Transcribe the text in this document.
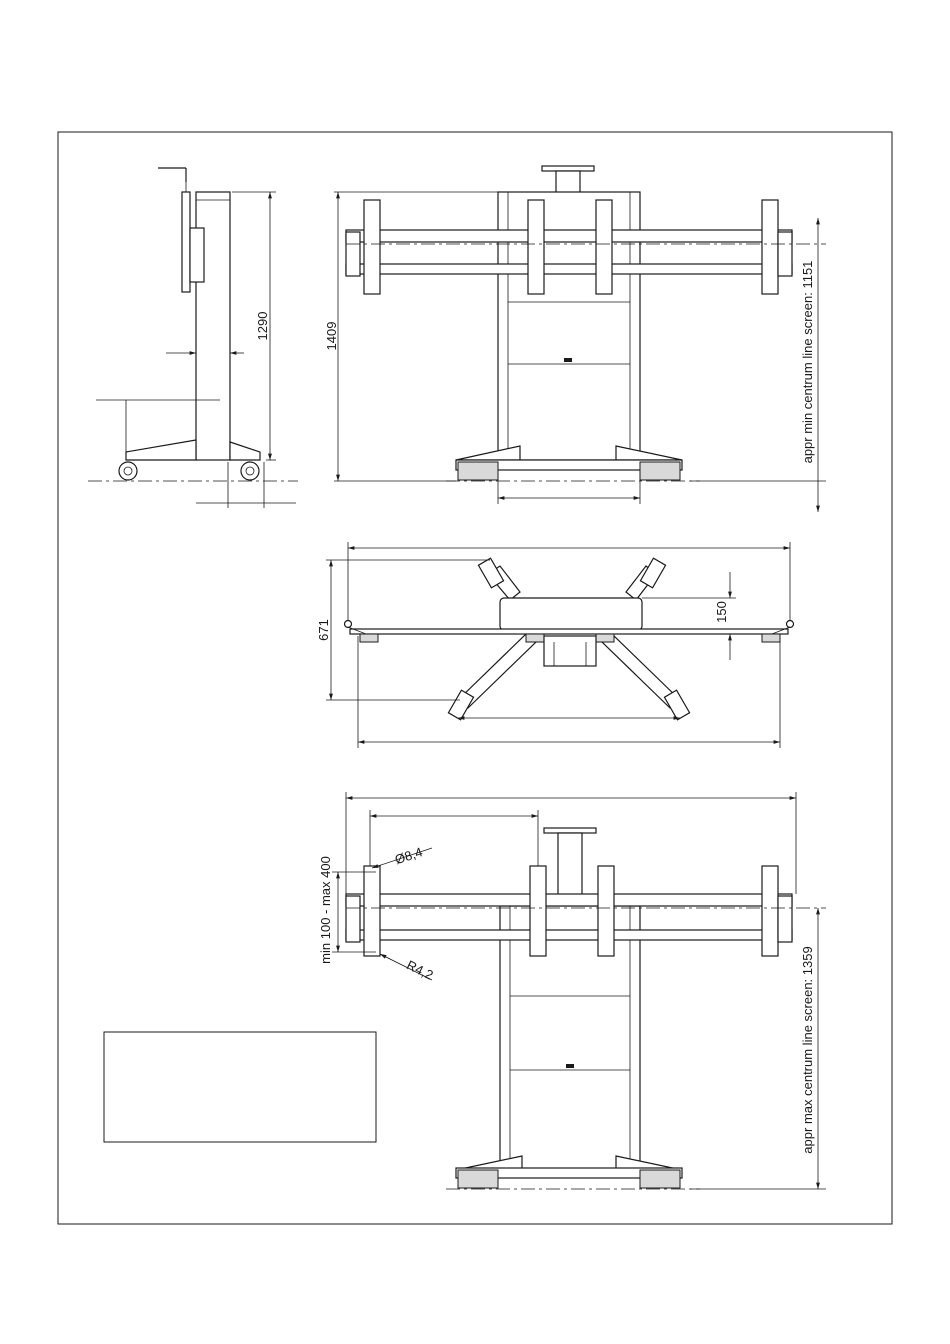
1290	1409	appr min centrum line screen: 1151
671
150
Ø8,4
R4,2
min 100 - max 400
appr max centrum line screen: 1359
